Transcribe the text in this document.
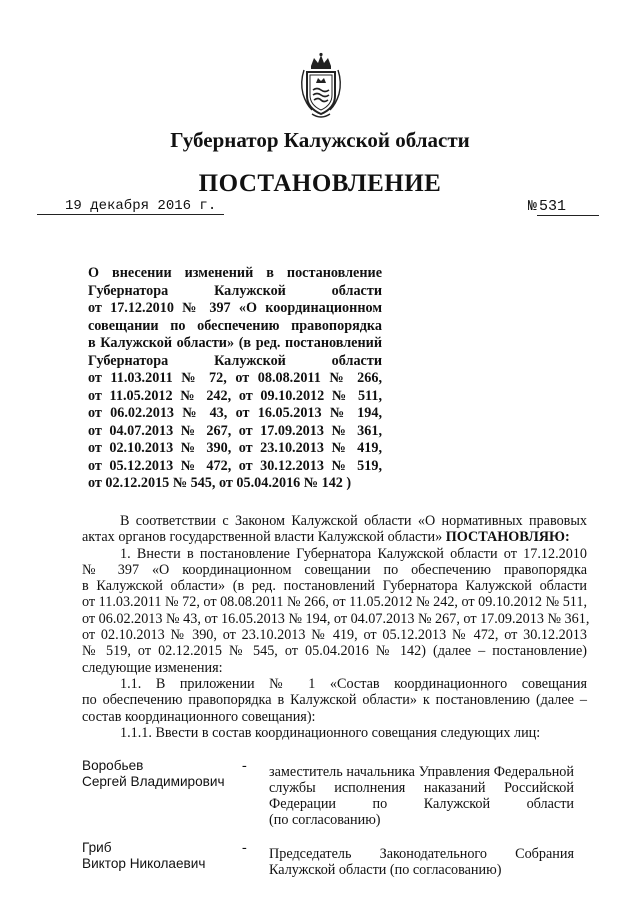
Губернатор Калужской области
ПОСТАНОВЛЕНИЕ
19 декабря 2016 г.	№ 531
О внесении изменений в постановление
Губернатора Калужской области
от 17.12.2010 № 397 «О координационном
совещании по обеспечению правопорядка
в Калужской области» (в ред. постановлений
Губернатора Калужской области
от 11.03.2011 № 72, от 08.08.2011 № 266,
от 11.05.2012 № 242, от 09.10.2012 № 511,
от 06.02.2013 № 43, от 16.05.2013 № 194,
от 04.07.2013 № 267, от 17.09.2013 № 361,
от 02.10.2013 № 390, от 23.10.2013 № 419,
от 05.12.2013 № 472, от 30.12.2013 № 519,
от 02.12.2015 № 545, от 05.04.2016 № 142 )
В соответствии с Законом Калужской области «О нормативных правовых
актах органов государственной власти Калужской области» ПОСТАНОВЛЯЮ:
1. Внести в постановление Губернатора Калужской области от 17.12.2010
№ 397 «О координационном совещании по обеспечению правопорядка
в Калужской области» (в ред. постановлений Губернатора Калужской области
от 11.03.2011 № 72, от 08.08.2011 № 266, от 11.05.2012 № 242, от 09.10.2012 № 511,
от 06.02.2013 № 43, от 16.05.2013 № 194, от 04.07.2013 № 267, от 17.09.2013 № 361,
от 02.10.2013 № 390, от 23.10.2013 № 419, от 05.12.2013 № 472, от 30.12.2013
№ 519, от 02.12.2015 № 545, от 05.04.2016 № 142) (далее – постановление)
следующие изменения:
1.1. В приложении № 1 «Состав координационного совещания
по обеспечению правопорядка в Калужской области» к постановлению (далее –
состав координационного совещания):
1.1.1. Ввести в состав координационного совещания следующих лиц:
Воробьев
Сергей Владимирович
- заместитель начальника Управления Федеральной
службы исполнения наказаний Российской
Федерации по Калужской области
(по согласованию)
Гриб
Виктор Николаевич
- Председатель Законодательного Собрания
Калужской области (по согласованию)
